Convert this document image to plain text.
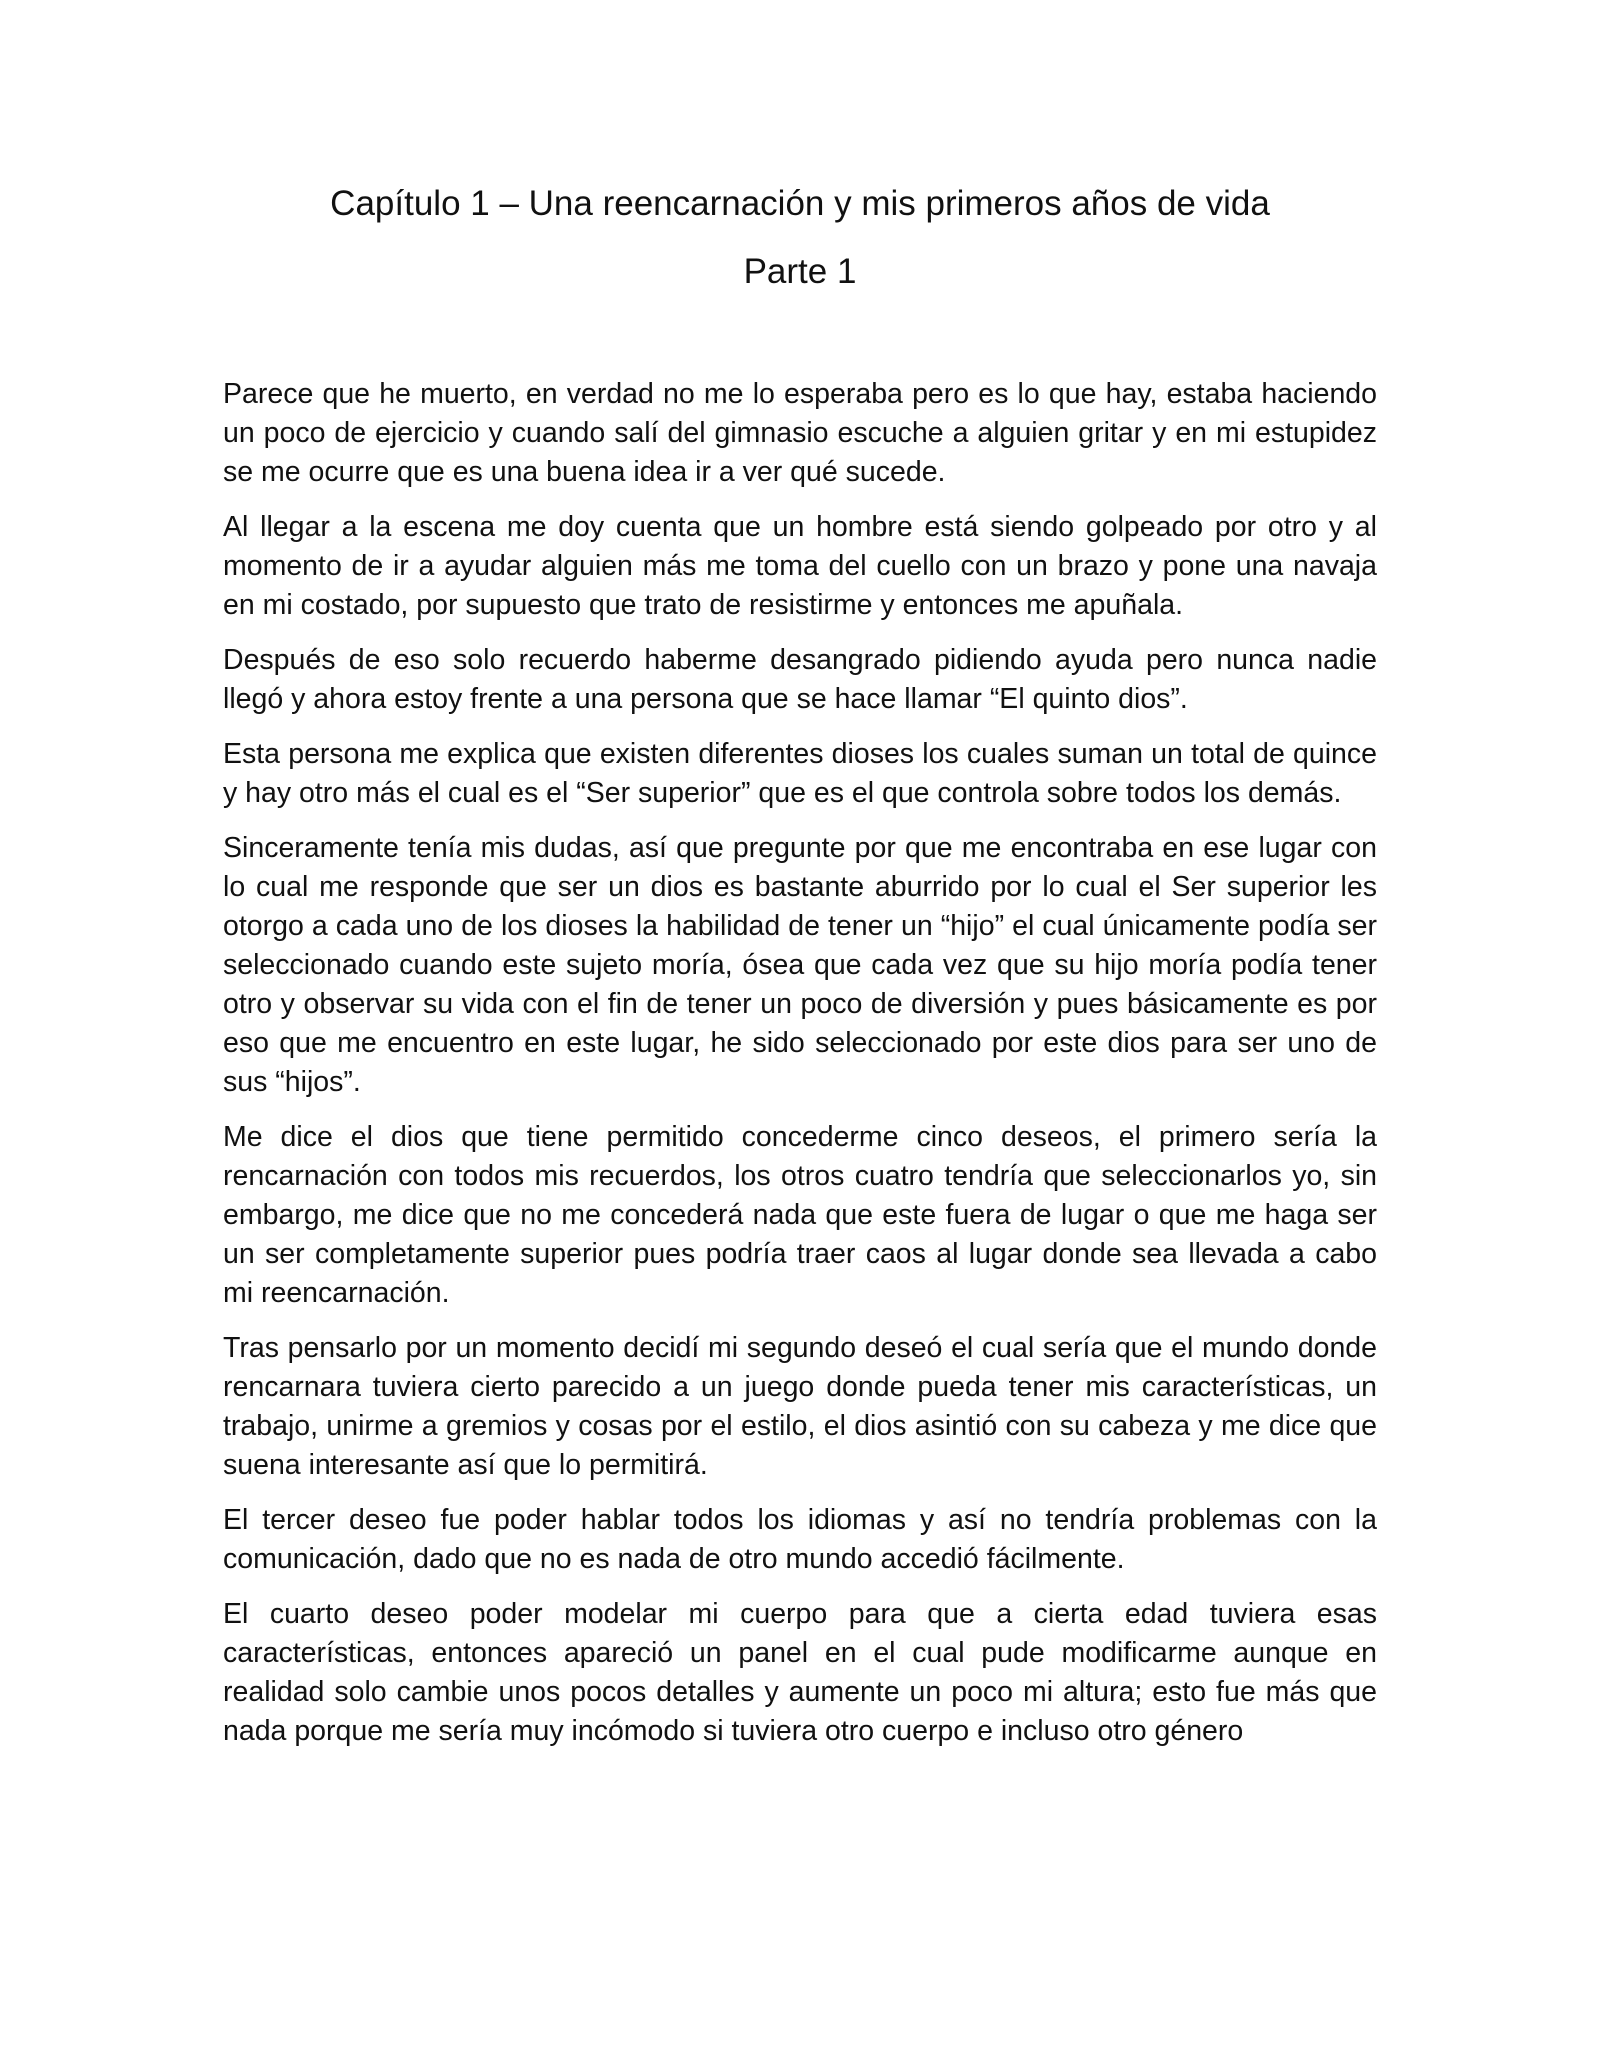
Capítulo 1 – Una reencarnación y mis primeros años de vida
Parte 1

Parece que he muerto, en verdad no me lo esperaba pero es lo que hay, estaba haciendo un poco de ejercicio y cuando salí del gimnasio escuche a alguien gritar y en mi estupidez se me ocurre que es una buena idea ir a ver qué sucede.

Al llegar a la escena me doy cuenta que un hombre está siendo golpeado por otro y al momento de ir a ayudar alguien más me toma del cuello con un brazo y pone una navaja en mi costado, por supuesto que trato de resistirme y entonces me apuñala.

Después de eso solo recuerdo haberme desangrado pidiendo ayuda pero nunca nadie llegó y ahora estoy frente a una persona que se hace llamar “El quinto dios”.

Esta persona me explica que existen diferentes dioses los cuales suman un total de quince y hay otro más el cual es el “Ser superior” que es el que controla sobre todos los demás.

Sinceramente tenía mis dudas, así que pregunte por que me encontraba en ese lugar con lo cual me responde que ser un dios es bastante aburrido por lo cual el Ser superior les otorgo a cada uno de los dioses la habilidad de tener un “hijo” el cual únicamente podía ser seleccionado cuando este sujeto moría, ósea que cada vez que su hijo moría podía tener otro y observar su vida con el fin de tener un poco de diversión y pues básicamente es por eso que me encuentro en este lugar, he sido seleccionado por este dios para ser uno de sus “hijos”.

Me dice el dios que tiene permitido concederme cinco deseos, el primero sería la rencarnación con todos mis recuerdos, los otros cuatro tendría que seleccionarlos yo, sin embargo, me dice que no me concederá nada que este fuera de lugar o que me haga ser un ser completamente superior pues podría traer caos al lugar donde sea llevada a cabo mi reencarnación.

Tras pensarlo por un momento decidí mi segundo deseó el cual sería que el mundo donde rencarnara tuviera cierto parecido a un juego donde pueda tener mis características, un trabajo, unirme a gremios y cosas por el estilo, el dios asintió con su cabeza y me dice que suena interesante así que lo permitirá.

El tercer deseo fue poder hablar todos los idiomas y así no tendría problemas con la comunicación, dado que no es nada de otro mundo accedió fácilmente.

El cuarto deseo poder modelar mi cuerpo para que a cierta edad tuviera esas características, entonces apareció un panel en el cual pude modificarme aunque en realidad solo cambie unos pocos detalles y aumente un poco mi altura; esto fue más que nada porque me sería muy incómodo si tuviera otro cuerpo e incluso otro género
